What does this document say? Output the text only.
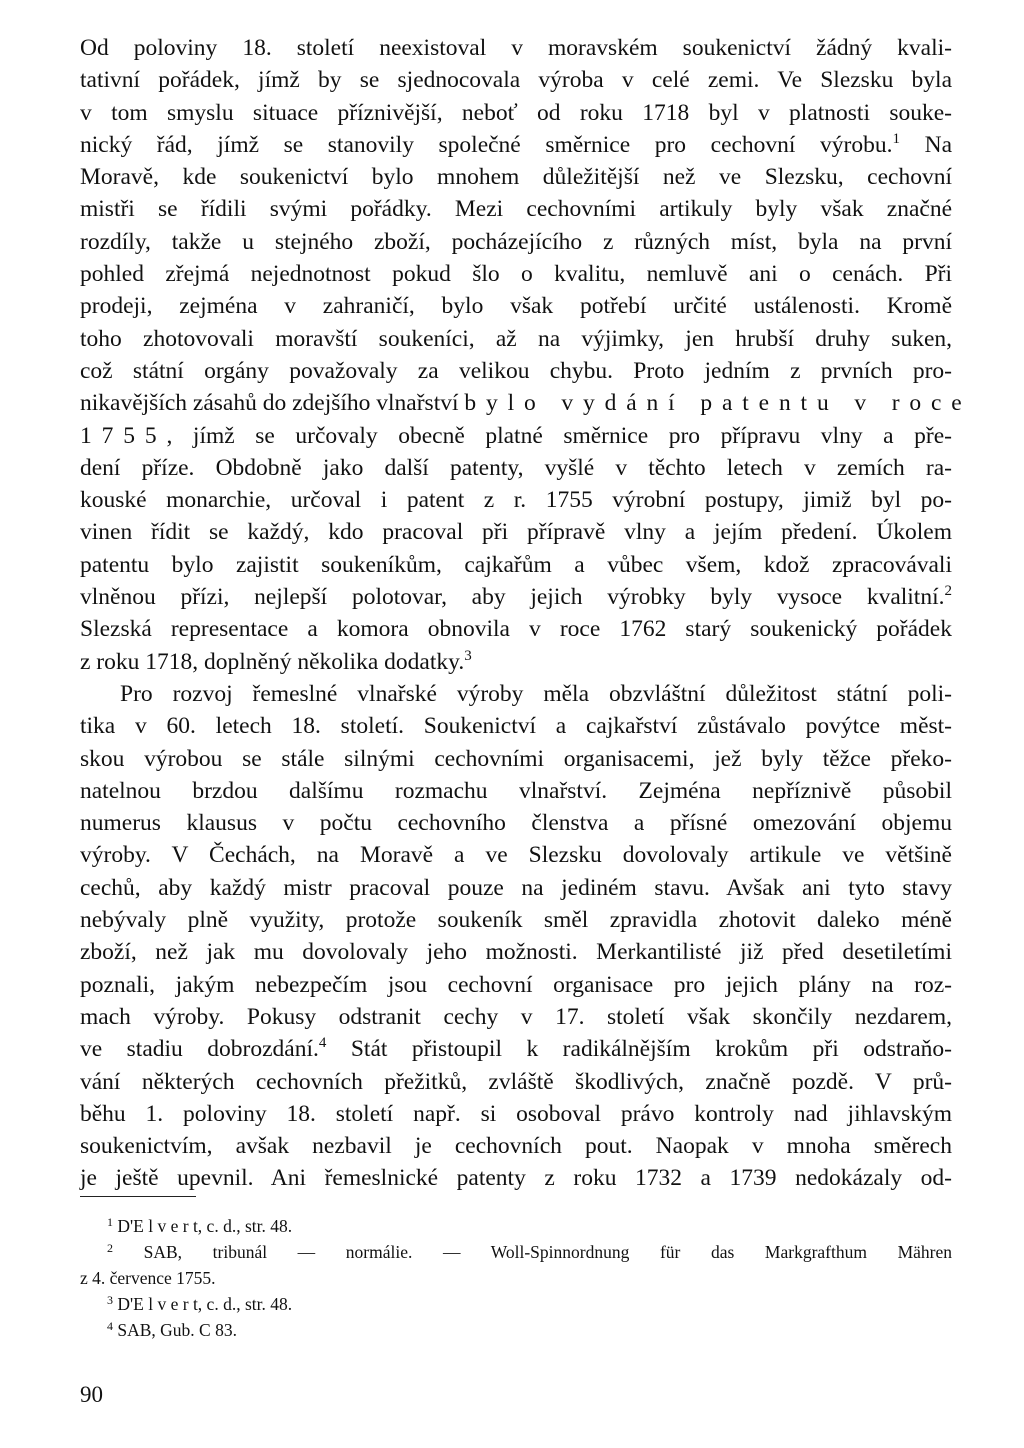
Od poloviny 18. století neexistoval v moravském soukenictví žádný kvali-

tativní pořádek, jímž by se sjednocovala výroba v celé zemi. Ve Slezsku byla

v tom smyslu situace příznivější, neboť od roku 1718 byl v platnosti souke-

nický řád, jímž se stanovily společné směrnice pro cechovní výrobu.$^1$ Na

Moravě, kde soukenictví bylo mnohem důležitější než ve Slezsku, cechovní

mistři se řídili svými pořádky. Mezi cechovními artikuly byly však značné

rozdíly, takže u stejného zboží, pocházejícího z různých míst, byla na první

pohled zřejmá nejednotnost pokud šlo o kvalitu, nemluvě ani o cenách. Při

prodeji, zejména v zahraničí, bylo však potřebí určité ustálenosti. Kromě

toho zhotovovali moravští soukeníci, až na výjimky, jen hrubší druhy suken,

což státní orgány považovaly za velikou chybu. Proto jedním z prvních pro-

nikavějších zásahů do zdejšího vlnařství bylo vydání patentu v roce

1755, jímž se určovaly obecně platné směrnice pro přípravu vlny a pře-

dení příze. Obdobně jako další patenty, vyšlé v těchto letech v zemích ra-

kouské monarchie, určoval i patent z r. 1755 výrobní postupy, jimiž byl po-

vinen řídit se každý, kdo pracoval při přípravě vlny a jejím předení. Úkolem

patentu bylo zajistit soukeníkům, cajkařům a vůbec všem, kdož zpracovávali

vlněnou přízi, nejlepší polotovar, aby jejich výrobky byly vysoce kvalitní.$^2$

Slezská representace a komora obnovila v roce 1762 starý soukenický pořádek

z roku 1718, doplněný několika dodatky.$^3$

Pro rozvoj řemeslné vlnařské výroby měla obzvláštní důležitost státní poli-

tika v 60. letech 18. století. Soukenictví a cajkařství zůstávalo povýtce měst-

skou výrobou se stále silnými cechovními organisacemi, jež byly těžce překo-

natelnou brzdou dalšímu rozmachu vlnařství. Zejména nepříznivě působil

numerus klausus v počtu cechovního členstva a přísné omezování objemu

výroby. V Čechách, na Moravě a ve Slezsku dovolovaly artikule ve většině

cechů, aby každý mistr pracoval pouze na jediném stavu. Avšak ani tyto stavy

nebývaly plně využity, protože soukeník směl zpravidla zhotovit daleko méně

zboží, než jak mu dovolovaly jeho možnosti. Merkantilisté již před desetiletími

poznali, jakým nebezpečím jsou cechovní organisace pro jejich plány na roz-

mach výroby. Pokusy odstranit cechy v 17. století však skončily nezdarem,

ve stadiu dobrozdání.$^4$ Stát přistoupil k radikálnějším krokům při odstraňo-

vání některých cechovních přežitků, zvláště škodlivých, značně pozdě. V prů-

běhu 1. poloviny 18. století např. si osoboval právo kontroly nad jihlavským

soukenictvím, avšak nezbavil je cechovních pout. Naopak v mnoha směrech

je ještě upevnil. Ani řemeslnické patenty z roku 1732 a 1739 nedokázaly od-

$^1$ D'E l v e r t, c. d., str. 48.

$^2$ SAB, tribunál — normálie. — Woll-Spinnordnung für das Markgrafthum Mähren

z 4. července 1755.

$^3$ D'E l v e r t, c. d., str. 48.

$^4$ SAB, Gub. C 83.

90
